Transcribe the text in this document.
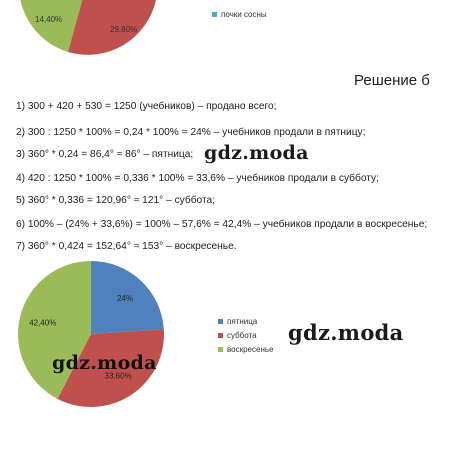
14,40%
29,80%
почки сосны
Решение б
1) 300 + 420 + 530 = 1250 (учебников) – продано всего;
2) 300 : 1250 * 100% = 0,24 * 100% = 24% – учебников продали в пятницу;
3) 360° * 0,24 = 86,4° ≈ 86° – пятница;
4) 420 : 1250 * 100% = 0,336 * 100% = 33,6% – учебников продали в субботу;
5) 360° * 0,336 = 120,96° ≈ 121° – суббота;
6) 100% – (24% + 33,6%) = 100% – 57,6% = 42,4% – учебников продали в воскресенье;
7) 360° * 0,424 = 152,64° ≈ 153° – воскресенье.
gdz.moda
24%
33,60%
42,40%	пятница
суббота
воскресенье
gdz.moda
gdz.moda
